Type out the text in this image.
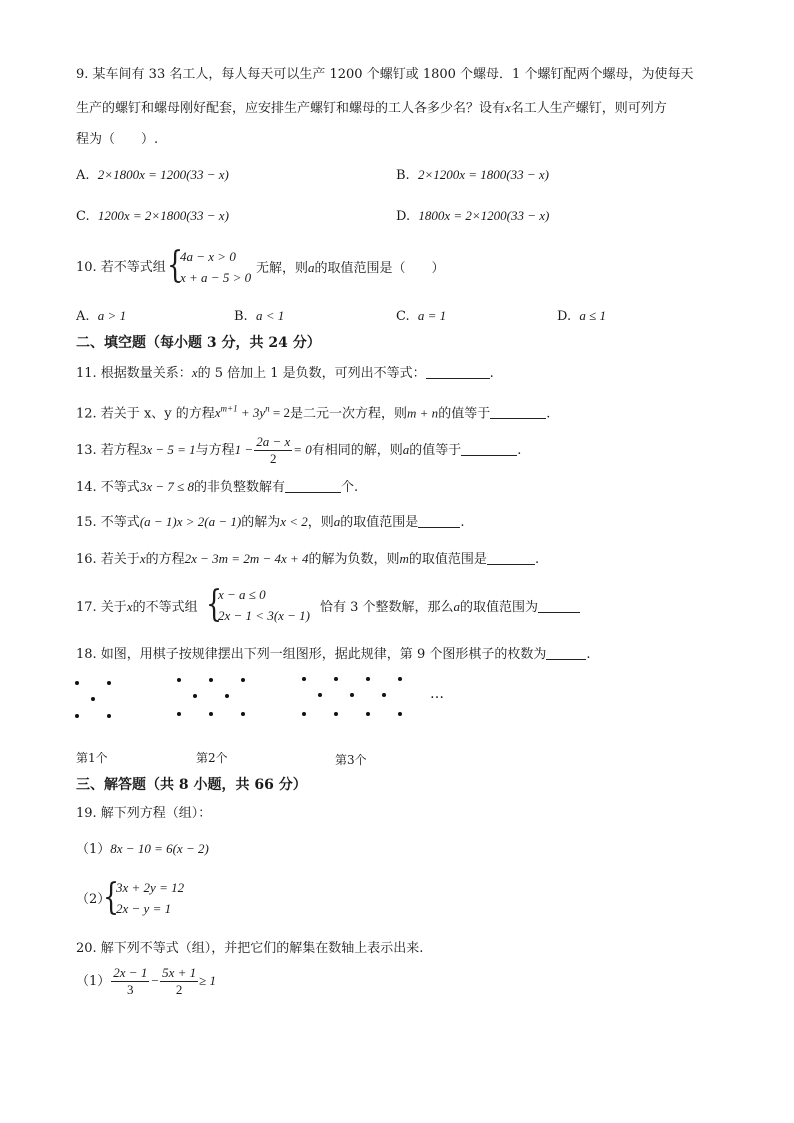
9. 某车间有 33 名工人，每人每天可以生产 1200 个螺钉或 1800 个螺母．1 个螺钉配两个螺母，为使每天
生产的螺钉和螺母刚好配套，应安排生产螺钉和螺母的工人各多少名？设有x名工人生产螺钉，则可列方
程为（　　）.
A. 2×1800x = 1200(33 − x)	B. 2×1200x = 1800(33 − x)
C. 1200x = 2×1800(33 − x)	D. 1800x = 2×1200(33 − x)
10. 若不等式组 {
4a − x > 0
x + a − 5 > 0
无解，则a的取值范围是（　　）
A. a > 1	B. a < 1	C. a = 1	D. a ≤ 1
二、填空题（每小题 3 分，共 24 分）
11. 根据数量关系：x的 5 倍加上 1 是负数，可列出不等式：	.
12. 若关于 x、y 的方程$x^{m+1} + 3y^n = 2$是二元一次方程，则m + n的值等于	.
13. 若方程3x − 5 = 1与方程$1 - \frac{2a - x}{2} = 0$有相同的解，则a的值等于	.
14. 不等式3x − 7 ≤ 8的非负整数解有	个.
15. 不等式(a − 1)x > 2(a − 1)的解为x < 2，则a的取值范围是	.
16. 若关于x的方程2x − 3m = 2m − 4x + 4的解为负数，则m的取值范围是	.
17. 关于x的不等式组 {
x − a ≤ 0
2x − 1 < 3(x − 1)
恰有 3 个整数解，那么a的取值范围为
18. 如图，用棋子按规律摆出下列一组图形，据此规律，第 9 个图形棋子的枚数为	.
…
第1个	第2个	第3个
三、解答题（共 8 小题，共 66 分）
19. 解下列方程（组）：
（1）8x − 10 = 6(x − 2)
（2）
{
3x + 2y = 12
2x − y = 1
20. 解下列不等式（组），并把它们的解集在数轴上表示出来.
$(1) \frac{2x - 1}{3} - \frac{5x + 1}{2} \ge 1$
